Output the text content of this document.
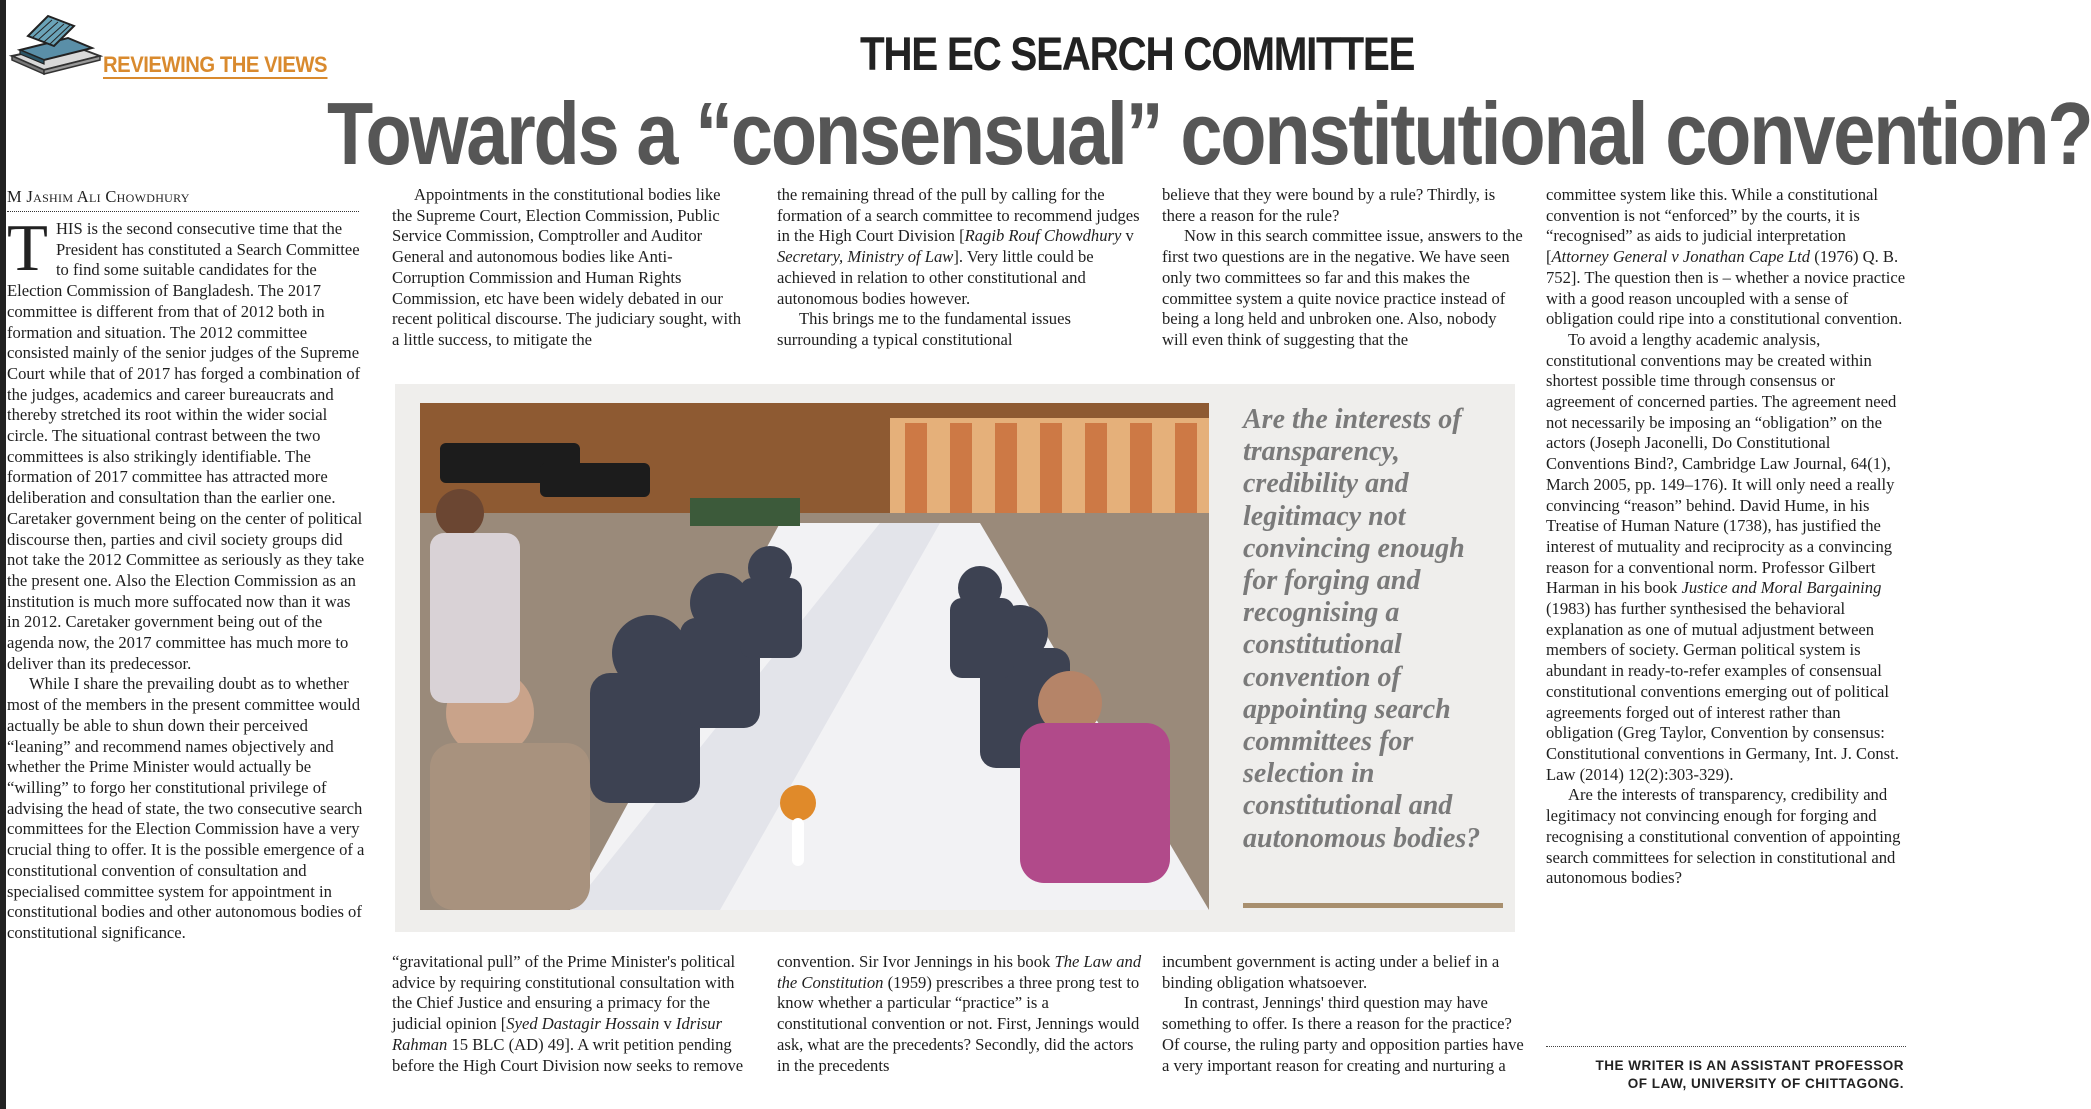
REVIEWING THE VIEWS	THE EC SEARCH COMMITTEE
Towards a “consensual” constitutional convention?
M Jashim Ali Chowdhury

THIS is the second consecutive time that the President has constituted a Search Committee to find some suitable candidates for the Election Commission of Bangladesh. The 2017 committee is different from that of 2012 both in formation and situation. The 2012 committee consisted mainly of the senior judges of the Supreme Court while that of 2017 has forged a combination of the judges, academics and career bureaucrats and thereby stretched its root within the wider social circle. The situational contrast between the two committees is also strikingly identifiable. The formation of 2017 committee has attracted more deliberation and consultation than the earlier one. Caretaker government being on the center of political discourse then, parties and civil society groups did not take the 2012 Committee as seriously as they take the present one. Also the Election Commission as an institution is much more suffocated now than it was in 2012. Caretaker government being out of the agenda now, the 2017 committee has much more to deliver than its predecessor.

While I share the prevailing doubt as to whether most of the members in the present committee would actually be able to shun down their perceived “leaning” and recommend names objectively and whether the Prime Minister would actually be “willing” to forgo her constitutional privilege of advising the head of state, the two consecutive search committees for the Election Commission have a very crucial thing to offer. It is the possible emergence of a constitutional convention of consultation and specialised committee system for appointment in constitutional bodies and other autonomous bodies of constitutional significance.

Appointments in the constitutional bodies like the Supreme Court, Election Commission, Public Service Commission, Comptroller and Auditor General and autonomous bodies like Anti-Corruption Commission and Human Rights Commission, etc have been widely debated in our recent political discourse. The judiciary sought, with a little success, to mitigate the

“gravitational pull” of the Prime Minister's political advice by requiring constitutional consultation with the Chief Justice and ensuring a primacy for the judicial opinion [Syed Dastagir Hossain v Idrisur Rahman 15 BLC (AD) 49]. A writ petition pending before the High Court Division now seeks to remove

the remaining thread of the pull by calling for the formation of a search committee to recommend judges in the High Court Division [Ragib Rouf Chowdhury v Secretary, Ministry of Law]. Very little could be achieved in relation to other constitutional and autonomous bodies however.

This brings me to the fundamental issues surrounding a typical constitutional

convention. Sir Ivor Jennings in his book The Law and the Constitution (1959) prescribes a three prong test to know whether a particular “practice” is a constitutional convention or not. First, Jennings would ask, what are the precedents? Secondly, did the actors in the precedents

believe that they were bound by a rule? Thirdly, is there a reason for the rule?

Now in this search committee issue, answers to the first two questions are in the negative. We have seen only two committees so far and this makes the committee system a quite novice practice instead of being a long held and unbroken one. Also, nobody will even think of suggesting that the

incumbent government is acting under a belief in a binding obligation whatsoever.

In contrast, Jennings' third question may have something to offer. Is there a reason for the practice? Of course, the ruling party and opposition parties have a very important reason for creating and nurturing a

committee system like this. While a constitutional convention is not “enforced” by the courts, it is “recognised” as aids to judicial interpretation [Attorney General v Jonathan Cape Ltd (1976) Q. B. 752]. The question then is – whether a novice practice with a good reason uncoupled with a sense of obligation could ripe into a constitutional convention.

To avoid a lengthy academic analysis, constitutional conventions may be created within shortest possible time through consensus or agreement of concerned parties. The agreement need not necessarily be imposing an “obligation” on the actors (Joseph Jaconelli, Do Constitutional Conventions Bind?, Cambridge Law Journal, 64(1), March 2005, pp. 149–176). It will only need a really convincing “reason” behind. David Hume, in his Treatise of Human Nature (1738), has justified the interest of mutuality and reciprocity as a convincing reason for a conventional norm. Professor Gilbert Harman in his book Justice and Moral Bargaining (1983) has further synthesised the behavioral explanation as one of mutual adjustment between members of society. German political system is abundant in ready-to-refer examples of consensual constitutional conventions emerging out of political agreements forged out of interest rather than obligation (Greg Taylor, Convention by consensus: Constitutional conventions in Germany, Int. J. Const. Law (2014) 12(2):303-329).

Are the interests of transparency, credibility and legitimacy not convincing enough for forging and recognising a constitutional convention of appointing search committees for selection in constitutional and autonomous bodies?

Are the interests of transparency, credibility and legitimacy not convincing enough for forging and recognising a constitutional convention of appointing search committees for selection in constitutional and autonomous bodies?
THE WRITER IS AN ASSISTANT PROFESSOR
OF LAW, UNIVERSITY OF CHITTAGONG.
